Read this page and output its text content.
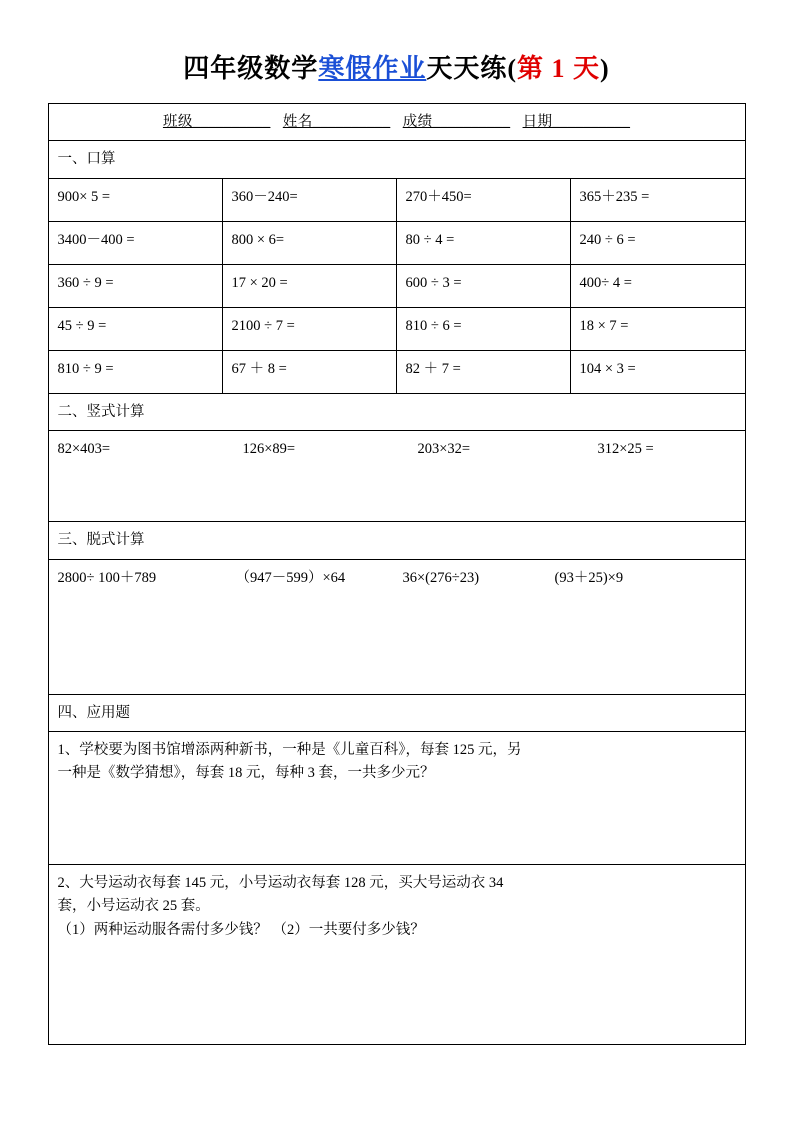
四年级数学寒假作业天天练(第 1 天)
班级__________ 姓名__________ 成绩__________ 日期__________			
一、口算			
900× 5 =	360－240=	270＋450=	365＋235 =
3400－400 =	800 × 6=	80 ÷ 4 =	240 ÷ 6 =
360 ÷ 9 =	17 × 20 =	600 ÷ 3 =	400÷ 4 =
45 ÷ 9 =	2100 ÷ 7 =	810 ÷ 6 =	18 × 7 =
810 ÷ 9 =	67 ＋ 8 =	82 ＋ 7 =	104 × 3 =
二、竖式计算			

82×403= 126×89= 203×32= 312×25 =			

三、脱式计算			

2800÷ 100＋789 （947－599）×64 36×(276÷23) (93＋25)×9			

四、应用题			

1、学校要为图书馆增添两种新书，一种是《儿童百科》，每套 125 元，另
一种是《数学猜想》，每套 18 元，每种 3 套，一共多少元？			

2、大号运动衣每套 145 元，小号运动衣每套 128 元，买大号运动衣 34
套，小号运动衣 25 套。
（1）两种运动服各需付多少钱？ （2）一共要付多少钱？			
